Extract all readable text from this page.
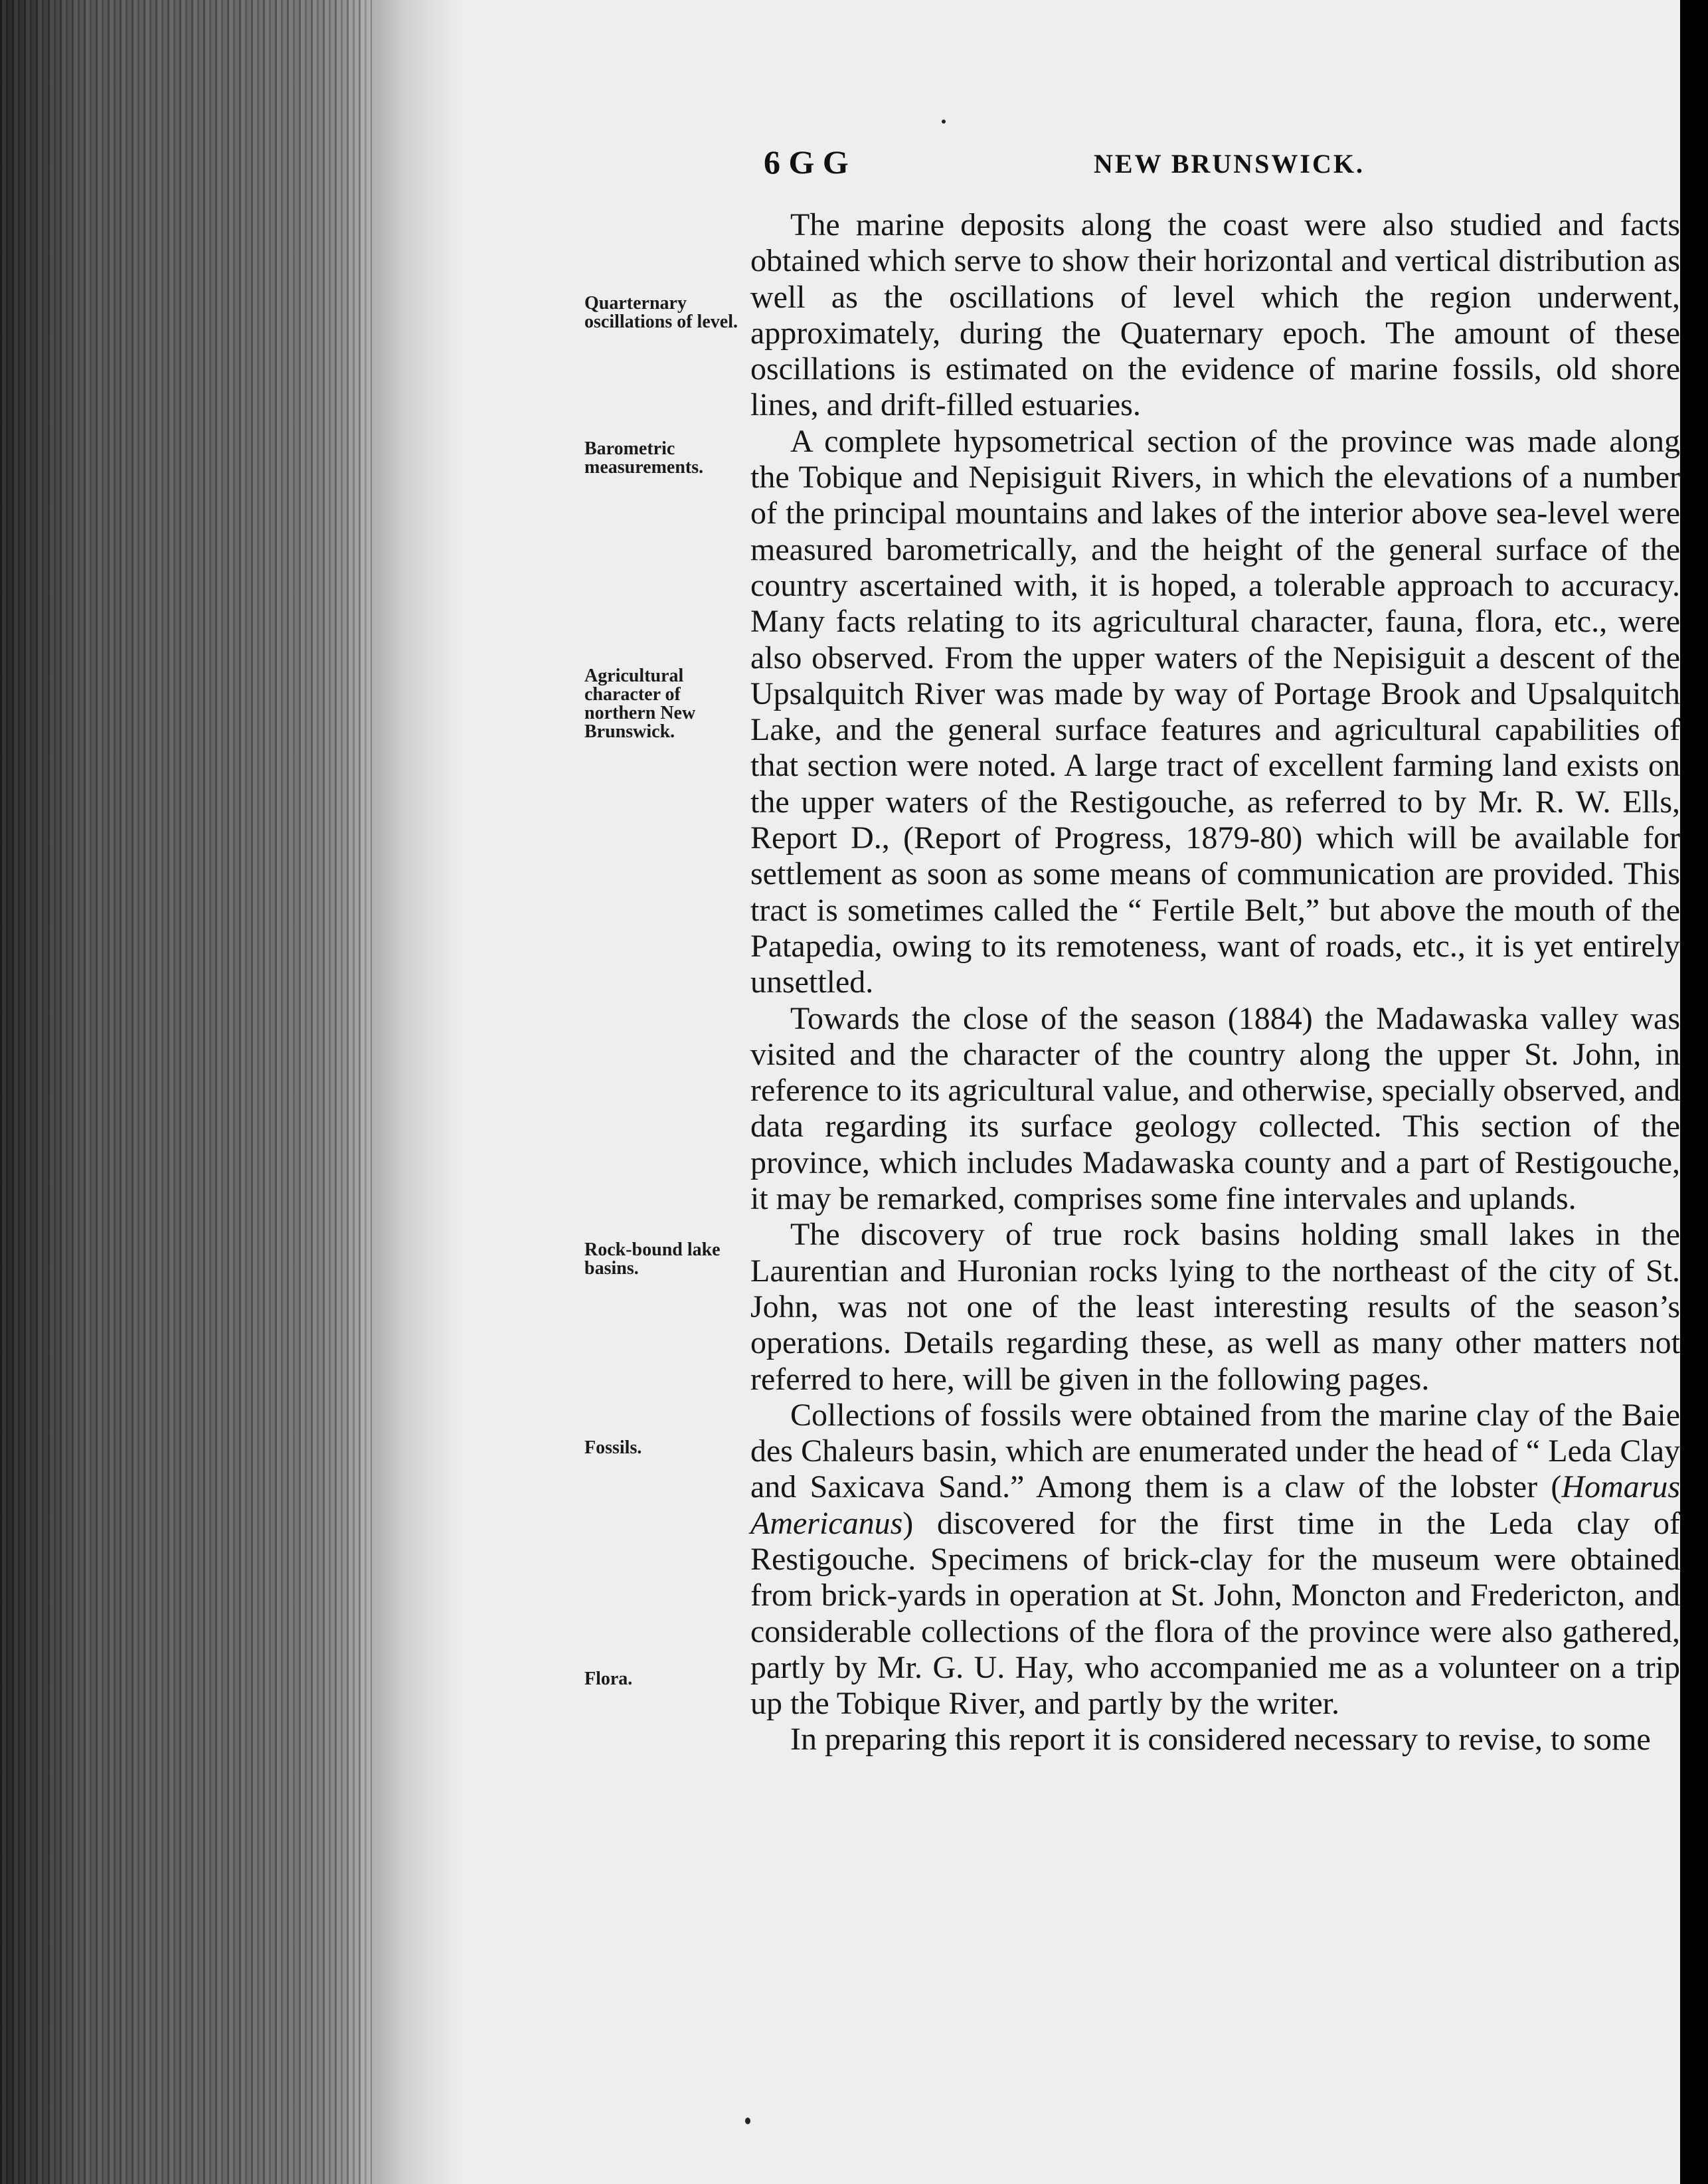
6 G G	NEW BRUNSWICK.
Quarternary oscillations of level.
Barometric measurements.
Agricultural character of northern New Brunswick.
Rock-bound lake basins.
Fossils.
Flora.

The marine deposits along the coast were also studied and facts obtained which serve to show their horizontal and vertical distribution as well as the oscillations of level which the region underwent, approximately, during the Quaternary epoch. The amount of these oscillations is estimated on the evidence of marine fossils, old shore lines, and drift-filled estuaries.

A complete hypsometrical section of the province was made along the Tobique and Nepisiguit Rivers, in which the elevations of a number of the principal mountains and lakes of the interior above sea-level were measured barometrically, and the height of the general surface of the country ascertained with, it is hoped, a tolerable approach to accuracy. Many facts relating to its agricultural character, fauna, flora, etc., were also observed. From the upper waters of the Nepisiguit a descent of the Upsalquitch River was made by way of Portage Brook and Upsalquitch Lake, and the general surface features and agricultural capabilities of that section were noted. A large tract of excellent farming land exists on the upper waters of the Restigouche, as referred to by Mr. R. W. Ells, Report D., (Report of Progress, 1879-80) which will be available for settlement as soon as some means of communication are provided. This tract is sometimes called the “ Fertile Belt,” but above the mouth of the Patapedia, owing to its remoteness, want of roads, etc., it is yet entirely unsettled.

Towards the close of the season (1884) the Madawaska valley was visited and the character of the country along the upper St. John, in reference to its agricultural value, and otherwise, specially observed, and data regarding its surface geology collected. This section of the province, which includes Madawaska county and a part of Restigouche, it may be remarked, comprises some fine intervales and uplands.

The discovery of true rock basins holding small lakes in the Laurentian and Huronian rocks lying to the northeast of the city of St. John, was not one of the least interesting results of the season’s operations. Details regarding these, as well as many other matters not referred to here, will be given in the following pages.

Collections of fossils were obtained from the marine clay of the Baie des Chaleurs basin, which are enumerated under the head of “ Leda Clay and Saxicava Sand.” Among them is a claw of the lobster (Homarus Americanus) discovered for the first time in the Leda clay of Restigouche. Specimens of brick-clay for the museum were obtained from brick-yards in operation at St. John, Moncton and Fredericton, and considerable collections of the flora of the province were also gathered, partly by Mr. G. U. Hay, who accompanied me as a volunteer on a trip up the Tobique River, and partly by the writer.

In preparing this report it is considered necessary to revise, to some
